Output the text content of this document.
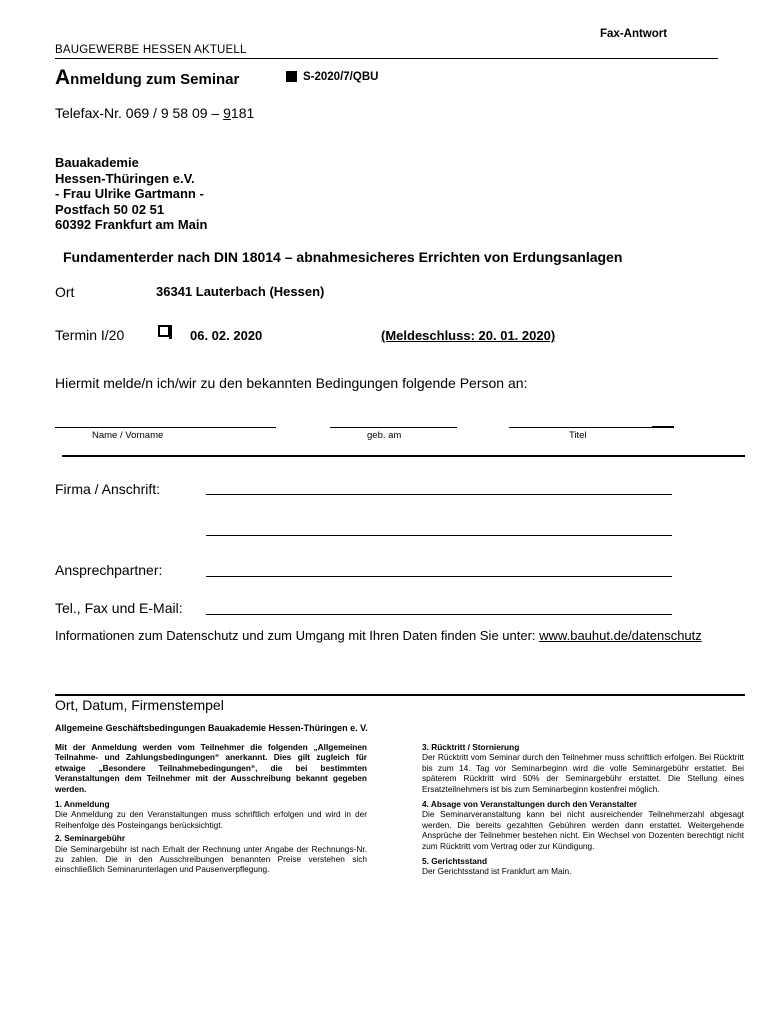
Fax-Antwort
BAUGEWERBE HESSEN AKTUELL
Anmeldung zum Seminar	S-2020/7/QBU
Telefax-Nr. 069 / 9 58 09 – 9181
Bauakademie
Hessen-Thüringen e.V.
- Frau Ulrike Gartmann -
Postfach 50 02 51
60392 Frankfurt am Main
Fundamenterder nach DIN 18014 – abnahmesicheres Errichten von Erdungsanlagen
Ort	36341 Lauterbach (Hessen)
Termin I/20	06. 02. 2020	(Meldeschluss: 20. 01. 2020)
Hiermit melde/n ich/wir zu den bekannten Bedingungen folgende Person an:
Name / Vorname	geb. am	Titel
Firma / Anschrift:
Ansprechpartner:
Tel., Fax und E-Mail:
Informationen zum Datenschutz und zum Umgang mit Ihren Daten finden Sie unter: www.bauhut.de/datenschutz
Ort, Datum, Firmenstempel
Allgemeine Geschäftsbedingungen Bauakademie Hessen-Thüringen e. V.
Mit der Anmeldung werden vom Teilnehmer die folgenden „Allgemeinen Teilnahme- und Zahlungsbedingungen“ anerkannt. Dies gilt zugleich für etwaige „Besondere Teilnahmebedingungen“, die bei bestimmten Veranstaltungen dem Teilnehmer mit der Ausschreibung bekannt gegeben werden.
1. Anmeldung
Die Anmeldung zu den Veranstaltungen muss schriftlich erfolgen und wird in der Reihenfolge des Posteingangs berücksichtigt.
2. Seminargebühr
Die Seminargebühr ist nach Erhalt der Rechnung unter Angabe der Rechnungs-Nr. zu zahlen. Die in den Ausschreibungen benannten Preise verstehen sich einschließlich Seminarunterlagen und Pausenverpflegung.
3. Rücktritt / Stornierung
Der Rücktritt vom Seminar durch den Teilnehmer muss schriftlich erfolgen. Bei Rücktritt bis zum 14. Tag vor Seminarbeginn wird die volle Seminargebühr erstattet. Bei späterem Rücktritt wird 50% der Seminargebühr erstattet. Die Stellung eines Ersatzteilnehmers ist bis zum Seminarbeginn kostenfrei möglich.
4. Absage von Veranstaltungen durch den Veranstalter
Die Seminarveranstaltung kann bei nicht ausreichender Teilnehmerzahl abgesagt werden. Die bereits gezahlten Gebühren werden dann erstattet. Weitergehende Ansprüche der Teilnehmer bestehen nicht. Ein Wechsel von Dozenten berechtigt nicht zum Rücktritt vom Vertrag oder zur Kündigung.
5. Gerichtsstand
Der Gerichtsstand ist Frankfurt am Main.
